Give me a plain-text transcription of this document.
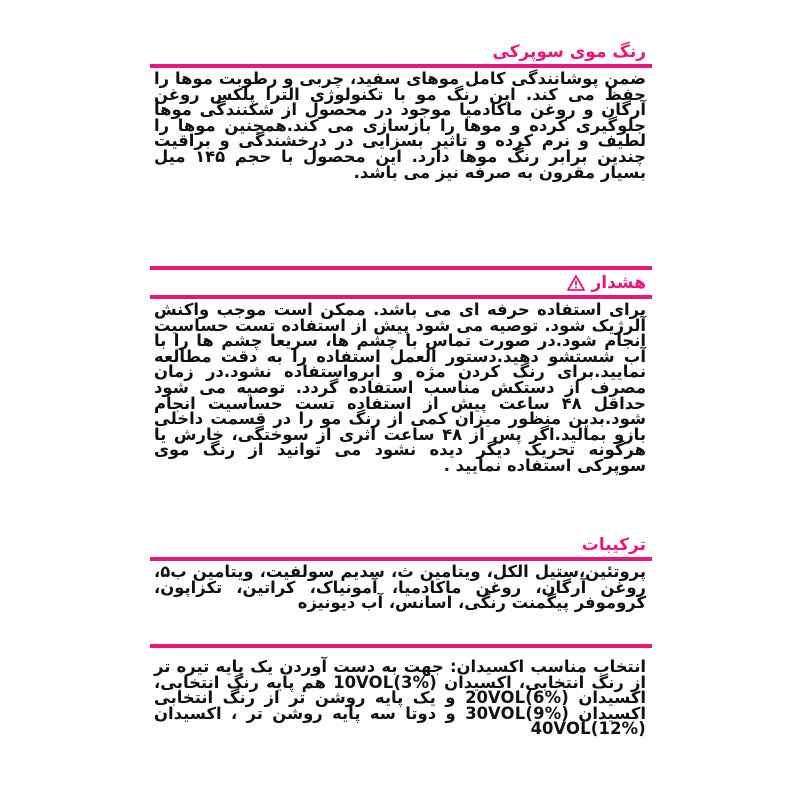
رنگ موی سوپرکی
ضمن پوشانندگی کامل موهای سفید، چربی و رطوبت موها را حفظ می کند. این رنگ مو با تکنولوژی الترا پلکس روغن آرگان و روغن ماکادمیا موجود در محصول از شکنندگی موها جلوگیری کرده و موها را بازسازی می کند.همچنین موها را لطیف و نرم کرده و تاثیر بسزایی در درخشندگی و براقیت چندین برابر رنگ موها دارد. این محصول با حجم ۱۴۵ میل بسیار مقرون به صرفه نیز می باشد.
هشدار
برای استفاده حرفه ای می باشد. ممکن است موجب واکنش آلرژیک شود. توصیه می شود پیش از استفاده تست حساسیت انجام شود.در صورت تماس با چشم ها، سریعا چشم ها را با آب شستشو دهید.دستور العمل استفاده را به دقت مطالعه نمایید.برای رنگ کردن مژه و ابرواستفاده نشود.در زمان مصرف از دستکش مناسب استفاده گردد. توصیه می شود حداقل ۴۸ ساعت پیش از استفاده تست حساسیت انجام شود.بدین منظور میزان کمی از رنگ مو را در قسمت داخلی بازو بمالید.اگر پس از ۴۸ ساعت اثری از سوختگی، خارش یا هرگونه تحریک دیگر دیده نشود می توانید از رنگ موی سوپرکی استفاده نمایید .
ترکیبات
پروتئین،ستیل الکل، ویتامین ث، سدیم سولفیت، ویتامین ب۵، روغن آرگان، روغن ماکادمیا، آمونیاک، کراتین، تکزاپون، کروموفر پیگمنت رنگی، اسانس، آب دیونیزه
انتخاب مناسب اکسیدان: جهت به دست آوردن یک پایه تیره تر از رنگ انتخابی، اکسیدان 10VOL(3%) هم پایه رنگ انتخابی، اکسیدان 20VOL(6%) و یک پایه روشن تر از رنگ انتخابی اکسیدان 30VOL(9%) و دوتا سه پایه روشن تر ، اکسیدان 40VOL(12%)
